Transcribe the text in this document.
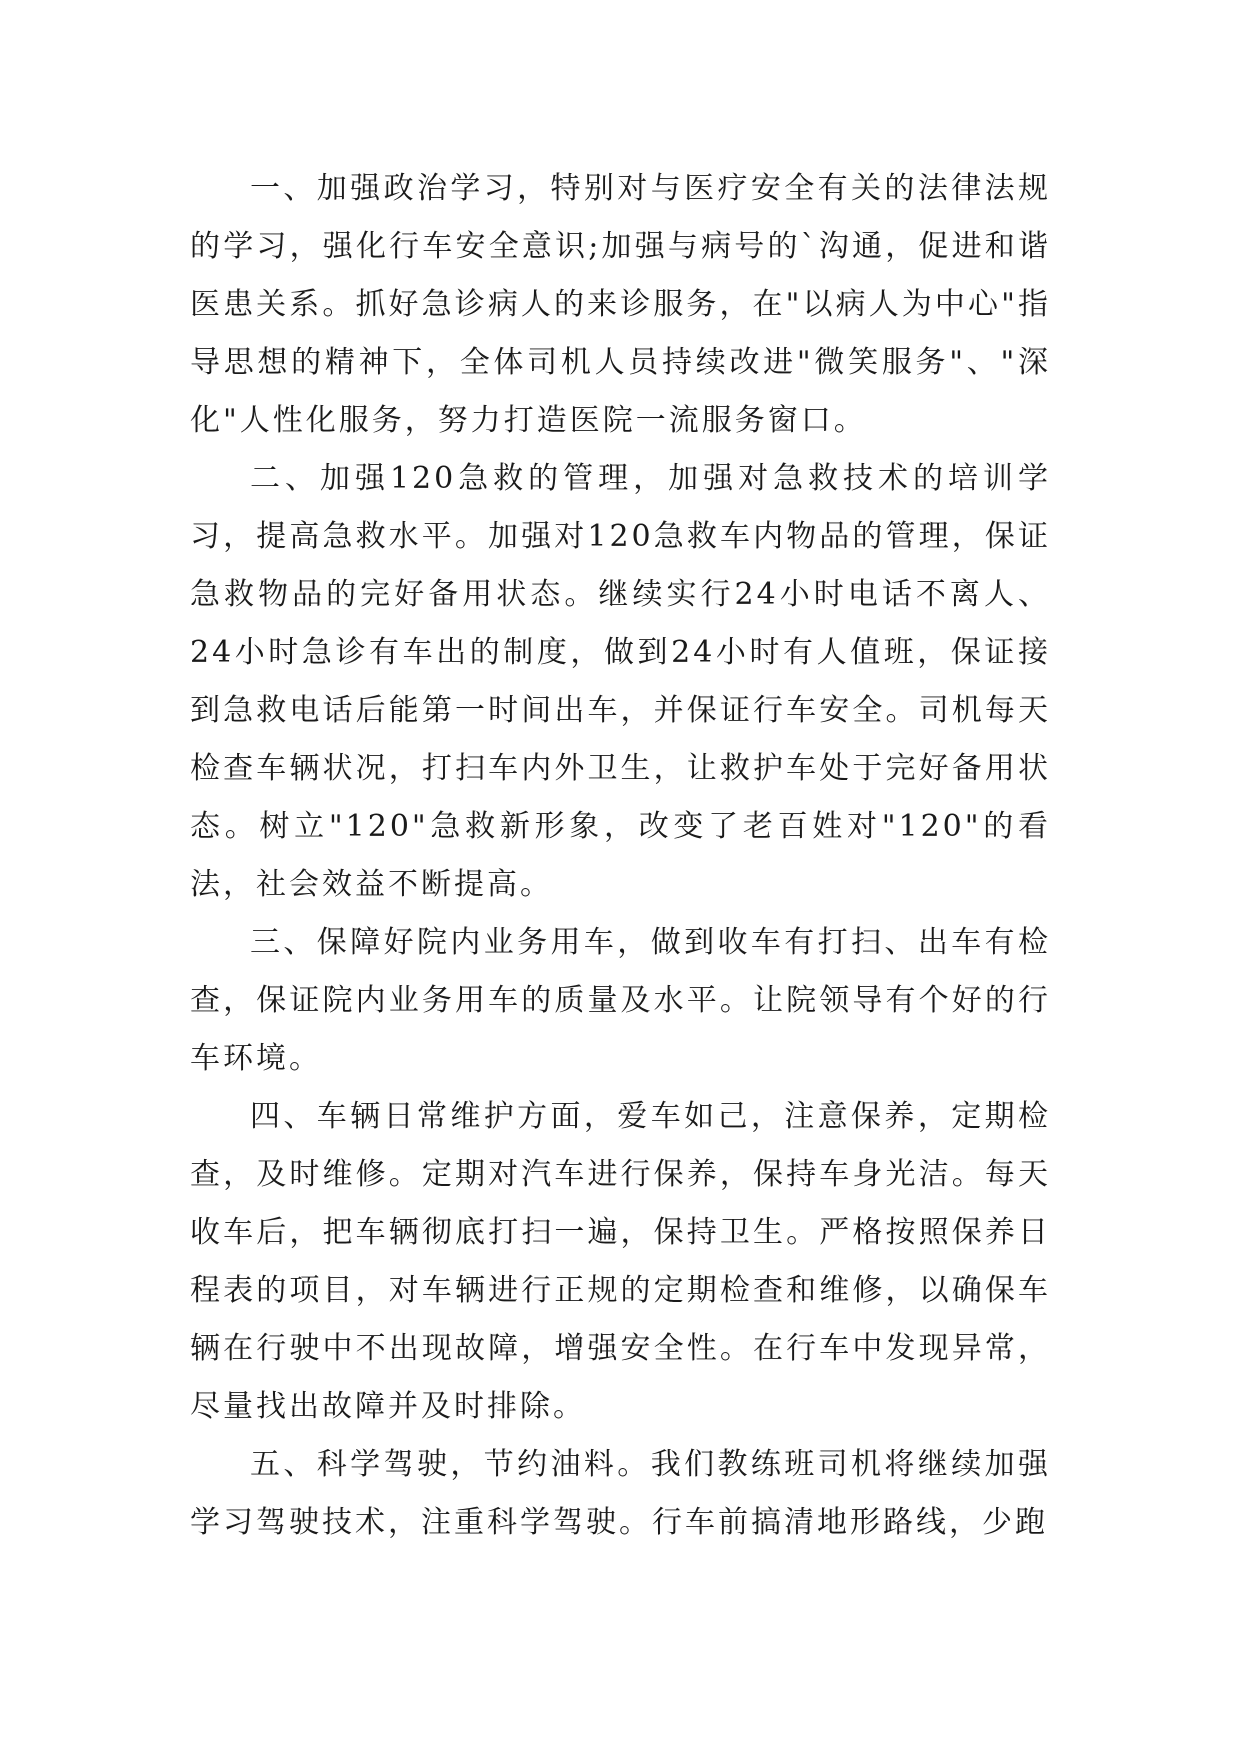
一、加强政治学习，特别对与医疗安全有关的法律法规的学习，强化行车安全意识;加强与病号的`沟通，促进和谐医患关系。抓好急诊病人的来诊服务，在"以病人为中心"指导思想的精神下，全体司机人员持续改进"微笑服务"、"深化"人性化服务，努力打造医院一流服务窗口。

二、加强120急救的管理，加强对急救技术的培训学习，提高急救水平。加强对120急救车内物品的管理，保证急救物品的完好备用状态。继续实行24小时电话不离人、24小时急诊有车出的制度，做到24小时有人值班，保证接到急救电话后能第一时间出车，并保证行车安全。司机每天检查车辆状况，打扫车内外卫生，让救护车处于完好备用状态。树立"120"急救新形象，改变了老百姓对"120"的看法，社会效益不断提高。

三、保障好院内业务用车，做到收车有打扫、出车有检查，保证院内业务用车的质量及水平。让院领导有个好的行车环境。

四、车辆日常维护方面，爱车如己，注意保养，定期检查，及时维修。定期对汽车进行保养，保持车身光洁。每天收车后，把车辆彻底打扫一遍，保持卫生。严格按照保养日程表的项目，对车辆进行正规的定期检查和维修，以确保车辆在行驶中不出现故障，增强安全性。在行车中发现异常，尽量找出故障并及时排除。

五、科学驾驶，节约油料。我们教练班司机将继续加强学习驾驶技术，注重科学驾驶。行车前搞清地形路线，少跑
